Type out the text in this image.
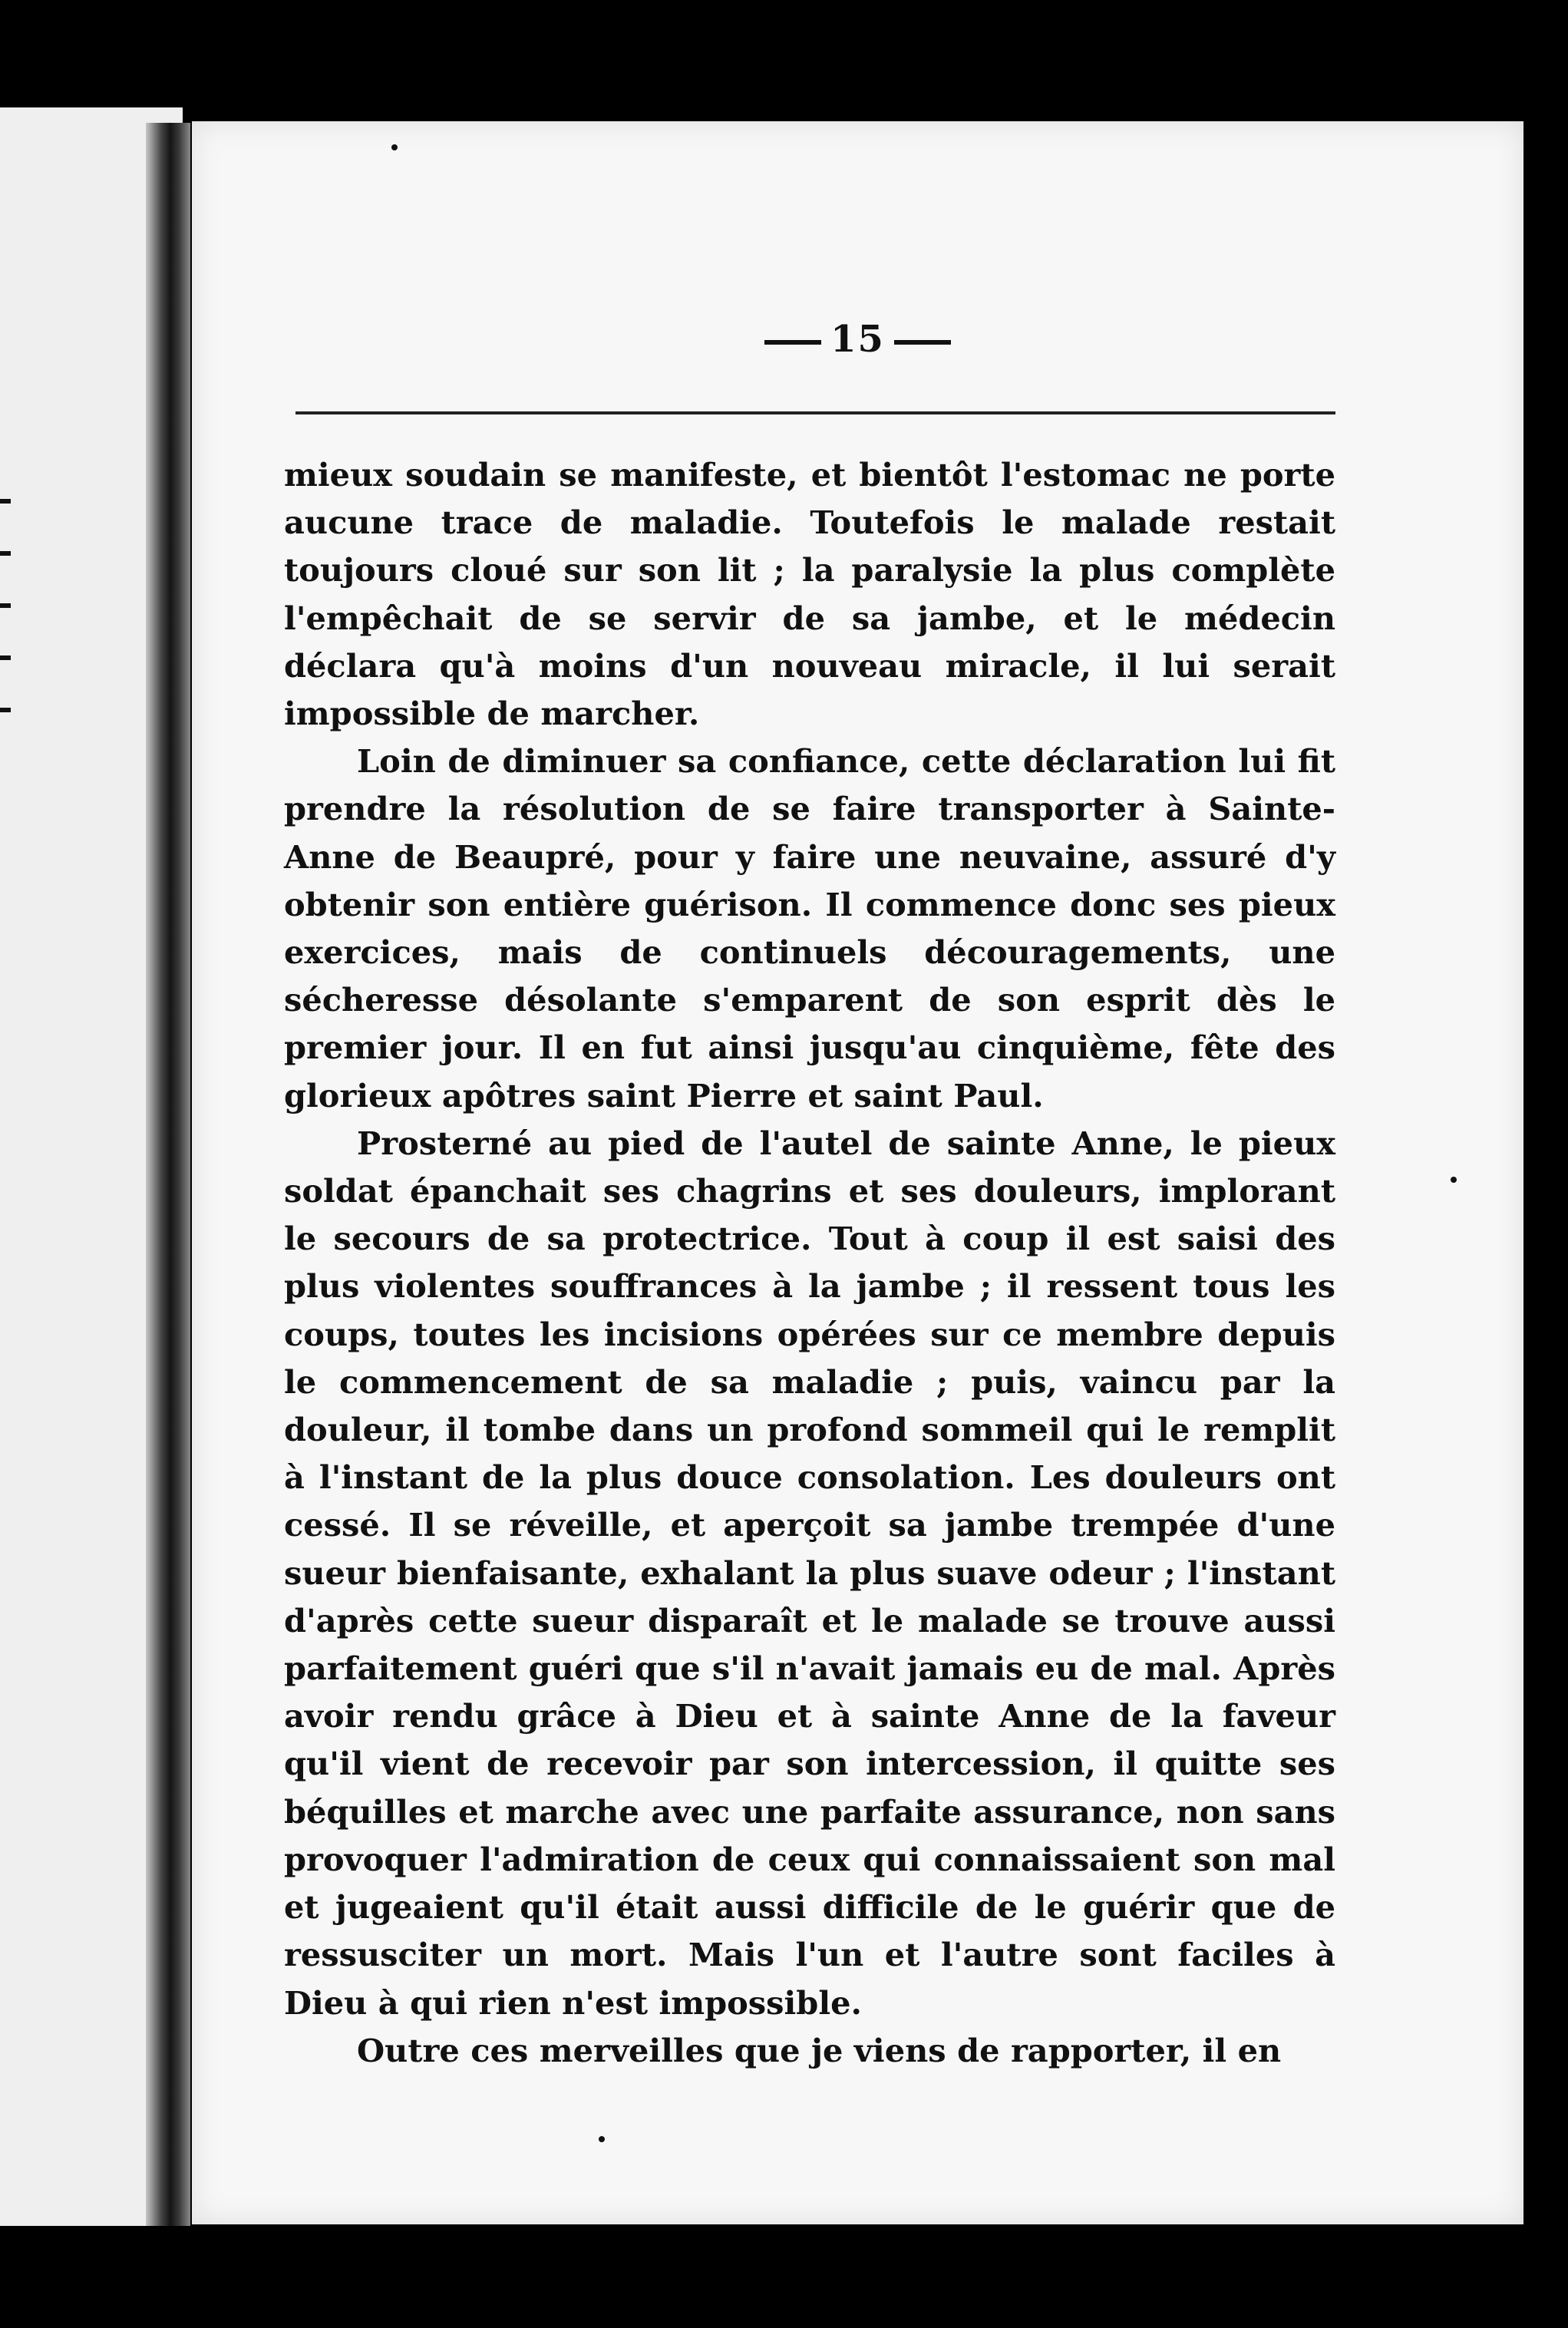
15

mieux soudain se manifeste, et bientôt l'estomac ne porte aucune trace de maladie. Toutefois le malade restait toujours cloué sur son lit ; la paralysie la plus complète l'empêchait de se servir de sa jambe, et le médecin déclara qu'à moins d'un nouveau miracle, il lui serait impossible de marcher.

Loin de diminuer sa confiance, cette déclaration lui fit prendre la résolution de se faire transporter à Sainte-Anne de Beaupré, pour y faire une neuvaine, assuré d'y obtenir son entière guérison. Il commence donc ses pieux exercices, mais de continuels découragements, une sécheresse désolante s'emparent de son esprit dès le premier jour. Il en fut ainsi jusqu'au cinquième, fête des glorieux apôtres saint Pierre et saint Paul.

Prosterné au pied de l'autel de sainte Anne, le pieux soldat épanchait ses chagrins et ses douleurs, implorant le secours de sa protectrice. Tout à coup il est saisi des plus violentes souffrances à la jambe ; il ressent tous les coups, toutes les incisions opérées sur ce membre depuis le commencement de sa maladie ; puis, vaincu par la douleur, il tombe dans un profond sommeil qui le remplit à l'instant de la plus douce consolation. Les douleurs ont cessé. Il se réveille, et aperçoit sa jambe trempée d'une sueur bienfaisante, exhalant la plus suave odeur ; l'instant d'après cette sueur disparaît et le malade se trouve aussi parfaitement guéri que s'il n'avait jamais eu de mal. Après avoir rendu grâce à Dieu et à sainte Anne de la faveur qu'il vient de recevoir par son intercession, il quitte ses béquilles et marche avec une parfaite assurance, non sans provoquer l'admiration de ceux qui connaissaient son mal et jugeaient qu'il était aussi difficile de le guérir que de ressusciter un mort. Mais l'un et l'autre sont faciles à Dieu à qui rien n'est impossible.

Outre ces merveilles que je viens de rapporter, il en
